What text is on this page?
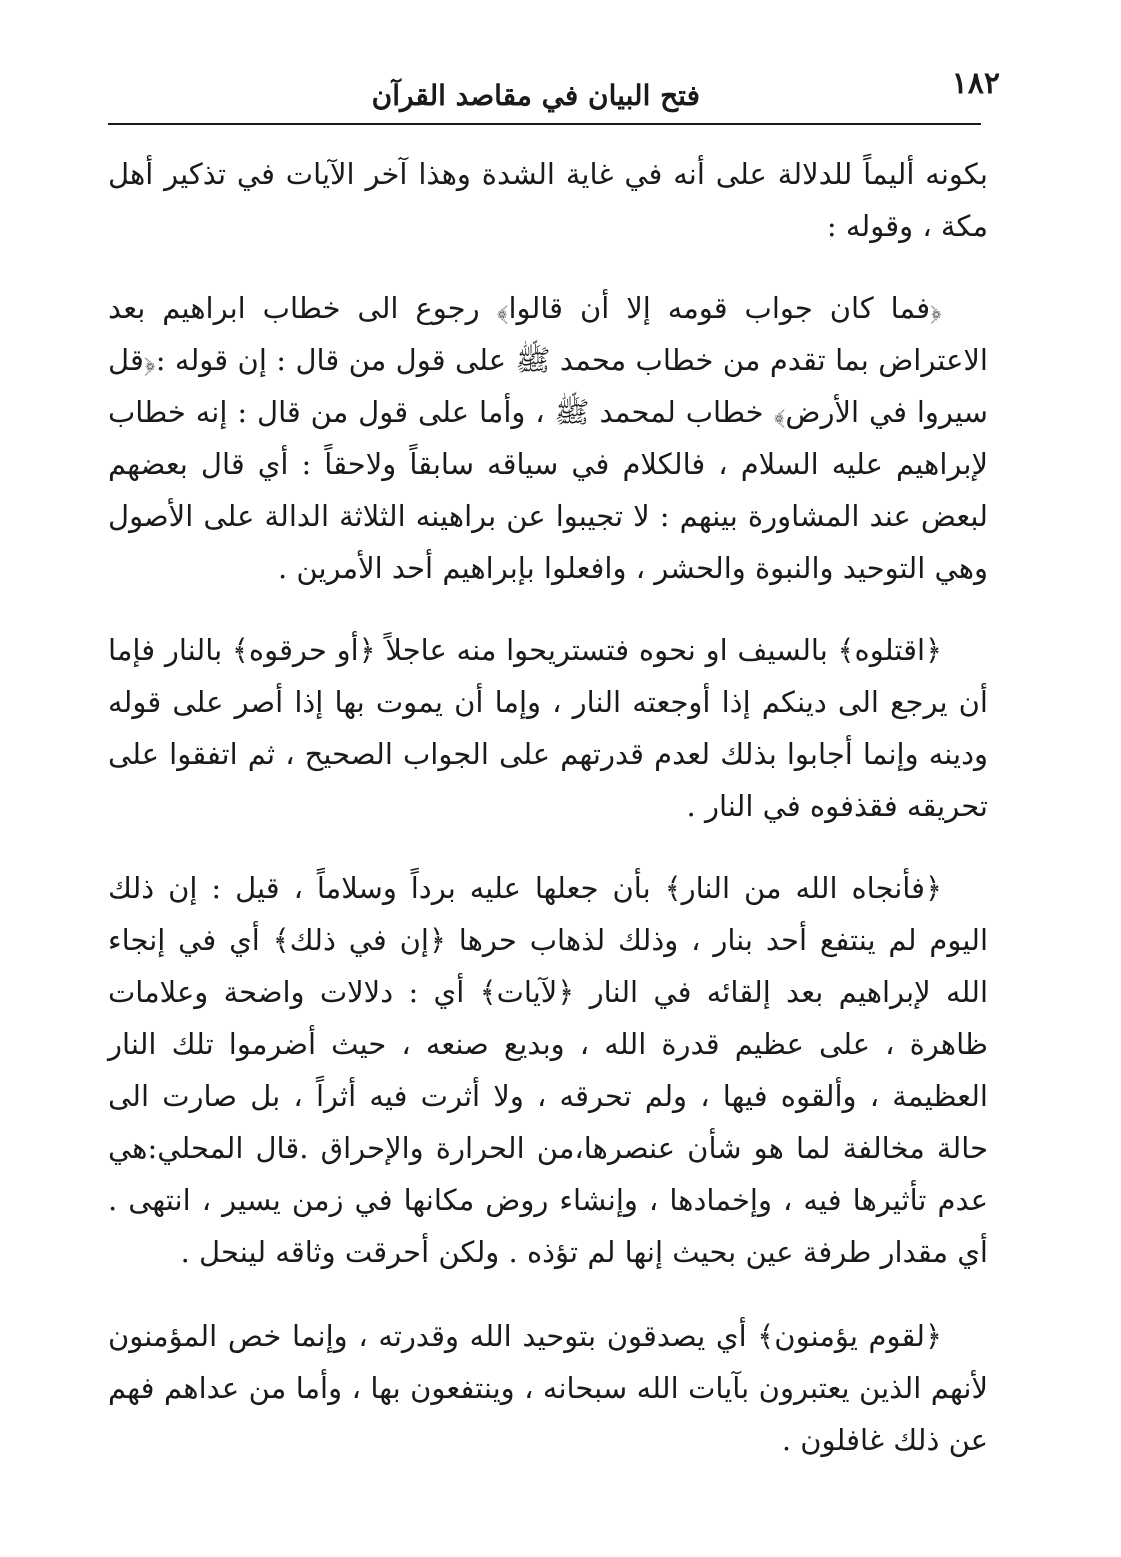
١٨٢
فتح البيان في مقاصد القرآن

بكونه أليماً للدلالة على أنه في غاية الشدة وهذا آخر الآيات في تذكير أهل مكة ، وقوله :

﴿فما كان جواب قومه إلا أن قالوا﴾ رجوع الى خطاب ابراهيم بعد الاعتراض بما تقدم من خطاب محمد ﷺ على قول من قال : إن قوله :﴿قل سيروا في الأرض﴾ خطاب لمحمد ﷺ ، وأما على قول من قال : إنه خطاب لإبراهيم عليه السلام ، فالكلام في سياقه سابقاً ولاحقاً : أي قال بعضهم لبعض عند المشاورة بينهم : لا تجيبوا عن براهينه الثلاثة الدالة على الأصول وهي التوحيد والنبوة والحشر ، وافعلوا بإبراهيم أحد الأمرين .

﴿اقتلوه﴾ بالسيف او نحوه فتستريحوا منه عاجلاً ﴿أو حرقوه﴾ بالنار فإما أن يرجع الى دينكم إذا أوجعته النار ، وإما أن يموت بها إذا أصر على قوله ودينه وإنما أجابوا بذلك لعدم قدرتهم على الجواب الصحيح ، ثم اتفقوا على تحريقه فقذفوه في النار .

﴿فأنجاه الله من النار﴾ بأن جعلها عليه برداً وسلاماً ، قيل : إن ذلك اليوم لم ينتفع أحد بنار ، وذلك لذهاب حرها ﴿إن في ذلك﴾ أي في إنجاء الله لإبراهيم بعد إلقائه في النار ﴿لآيات﴾ أي : دلالات واضحة وعلامات ظاهرة ، على عظيم قدرة الله ، وبديع صنعه ، حيث أضرموا تلك النار العظيمة ، وألقوه فيها ، ولم تحرقه ، ولا أثرت فيه أثراً ، بل صارت الى حالة مخالفة لما هو شأن عنصرها،من الحرارة والإحراق .قال المحلي:هي عدم تأثيرها فيه ، وإخمادها ، وإنشاء روض مكانها في زمن يسير ، انتهى . أي مقدار طرفة عين بحيث إنها لم تؤذه . ولكن أحرقت وثاقه لينحل .

﴿لقوم يؤمنون﴾ أي يصدقون بتوحيد الله وقدرته ، وإنما خص المؤمنون لأنهم الذين يعتبرون بآيات الله سبحانه ، وينتفعون بها ، وأما من عداهم فهم عن ذلك غافلون .
